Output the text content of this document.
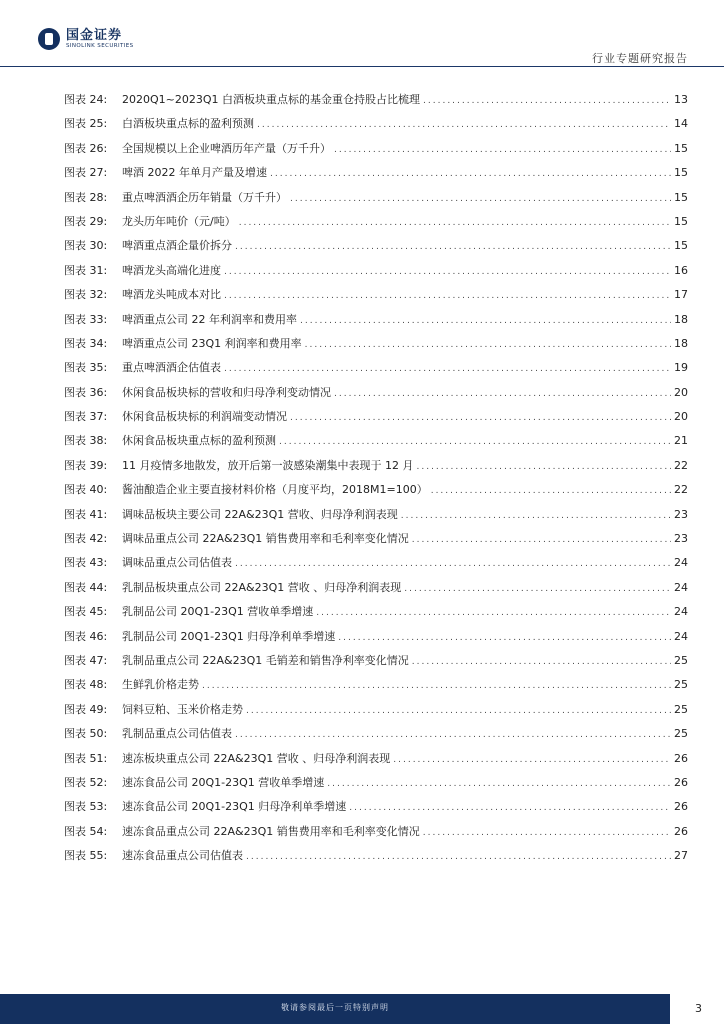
国金证券
SINOLINK SECURITIES
行业专题研究报告
图表 24:	2020Q1~2023Q1 白酒板块重点标的基金重仓持股占比梳理 .....	13
图表 25:	白酒板块重点标的盈利预测 .....	14
图表 26:	全国规模以上企业啤酒历年产量（万千升） .....	15
图表 27:	啤酒 2022 年单月产量及增速 .....	15
图表 28:	重点啤酒酒企历年销量（万千升） .....	15
图表 29:	龙头历年吨价（元/吨） .....	15
图表 30:	啤酒重点酒企量价拆分 .....	15
图表 31:	啤酒龙头高端化进度 .....	16
图表 32:	啤酒龙头吨成本对比 .....	17
图表 33:	啤酒重点公司 22 年利润率和费用率 .....	18
图表 34:	啤酒重点公司 23Q1 利润率和费用率 .....	18
图表 35:	重点啤酒酒企估值表 .....	19
图表 36:	休闲食品板块标的营收和归母净利变动情况 .....	20
图表 37:	休闲食品板块标的利润端变动情况 .....	20
图表 38:	休闲食品板块重点标的盈利预测 .....	21
图表 39:	11 月疫情多地散发，放开后第一波感染潮集中表现于 12 月 .....	22
图表 40:	酱油酿造企业主要直接材料价格（月度平均，2018M1=100） .....	22
图表 41:	调味品板块主要公司 22A&23Q1 营收、归母净利润表现 .....	23
图表 42:	调味品重点公司 22A&23Q1 销售费用率和毛利率变化情况 .....	23
图表 43:	调味品重点公司估值表 .....	24
图表 44:	乳制品板块重点公司 22A&23Q1 营收 、归母净利润表现 .....	24
图表 45:	乳制品公司 20Q1-23Q1 营收单季增速 .....	24
图表 46:	乳制品公司 20Q1-23Q1 归母净利单季增速 .....	24
图表 47:	乳制品重点公司 22A&23Q1 毛销差和销售净利率变化情况 .....	25
图表 48:	生鲜乳价格走势 .....	25
图表 49:	饲料豆粕、玉米价格走势 .....	25
图表 50:	乳制品重点公司估值表 .....	25
图表 51:	速冻板块重点公司 22A&23Q1 营收 、归母净利润表现 .....	26
图表 52:	速冻食品公司 20Q1-23Q1 营收单季增速 .....	26
图表 53:	速冻食品公司 20Q1-23Q1 归母净利单季增速 .....	26
图表 54:	速冻食品重点公司 22A&23Q1 销售费用率和毛利率变化情况 .....	26
图表 55:	速冻食品重点公司估值表 .....	27
敬请参阅最后一页特别声明	3
